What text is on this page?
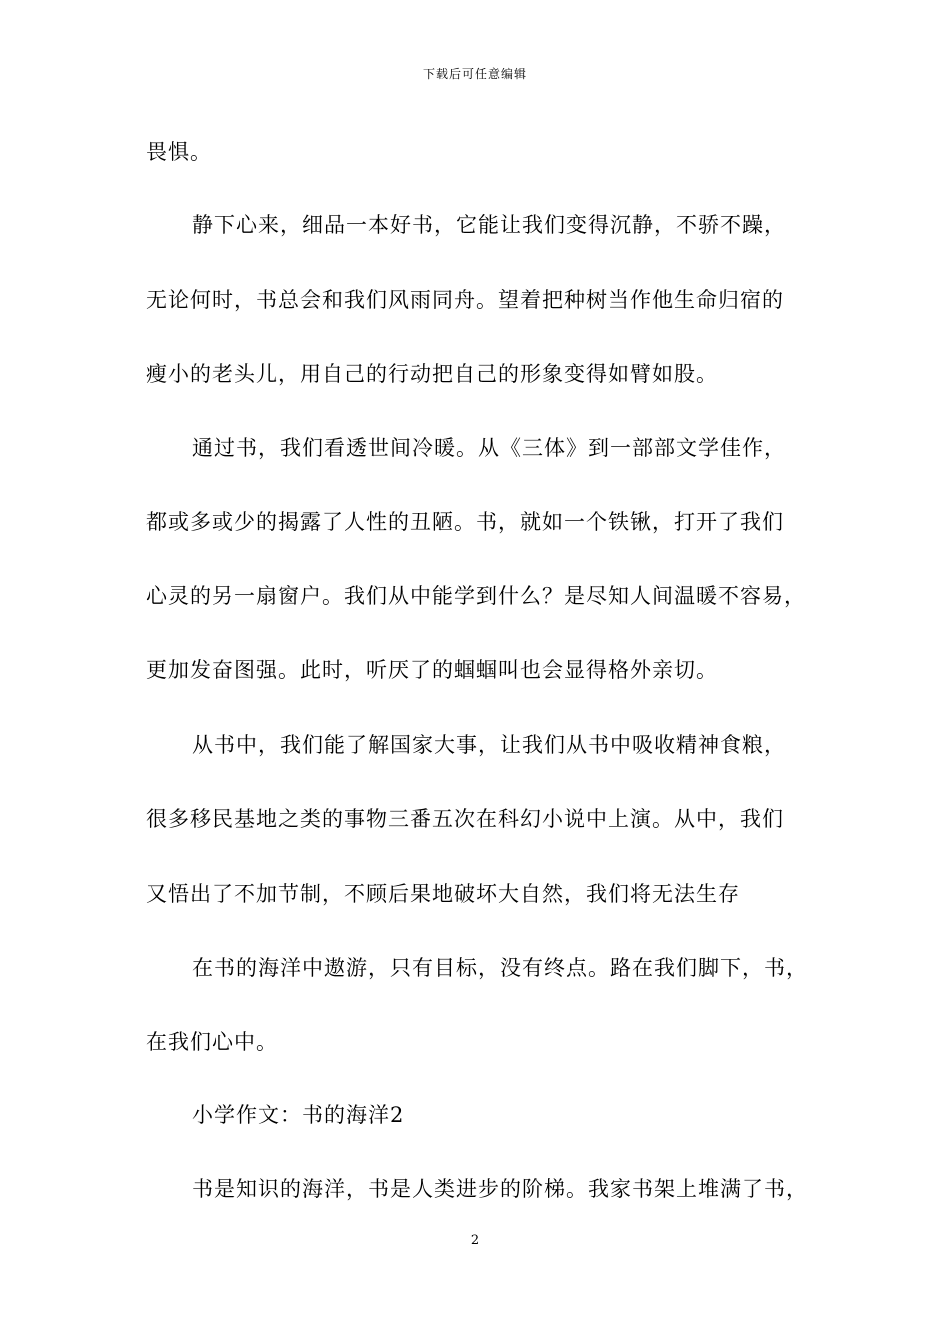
下载后可任意编辑
畏惧。
静下心来，细品一本好书，它能让我们变得沉静，不骄不躁，
无论何时，书总会和我们风雨同舟。望着把种树当作他生命归宿的
瘦小的老头儿，用自己的行动把自己的形象变得如臂如股。
通过书，我们看透世间冷暖。从《三体》到一部部文学佳作，
都或多或少的揭露了人性的丑陋。书，就如一个铁锹，打开了我们
心灵的另一扇窗户。我们从中能学到什么？是尽知人间温暖不容易，
更加发奋图强。此时，听厌了的蝈蝈叫也会显得格外亲切。
从书中，我们能了解国家大事，让我们从书中吸收精神食粮，
很多移民基地之类的事物三番五次在科幻小说中上演。从中，我们
又悟出了不加节制，不顾后果地破坏大自然，我们将无法生存
在书的海洋中遨游，只有目标，没有终点。路在我们脚下，书，
在我们心中。
小学作文：书的海洋2
书是知识的海洋，书是人类进步的阶梯。我家书架上堆满了书，
2
